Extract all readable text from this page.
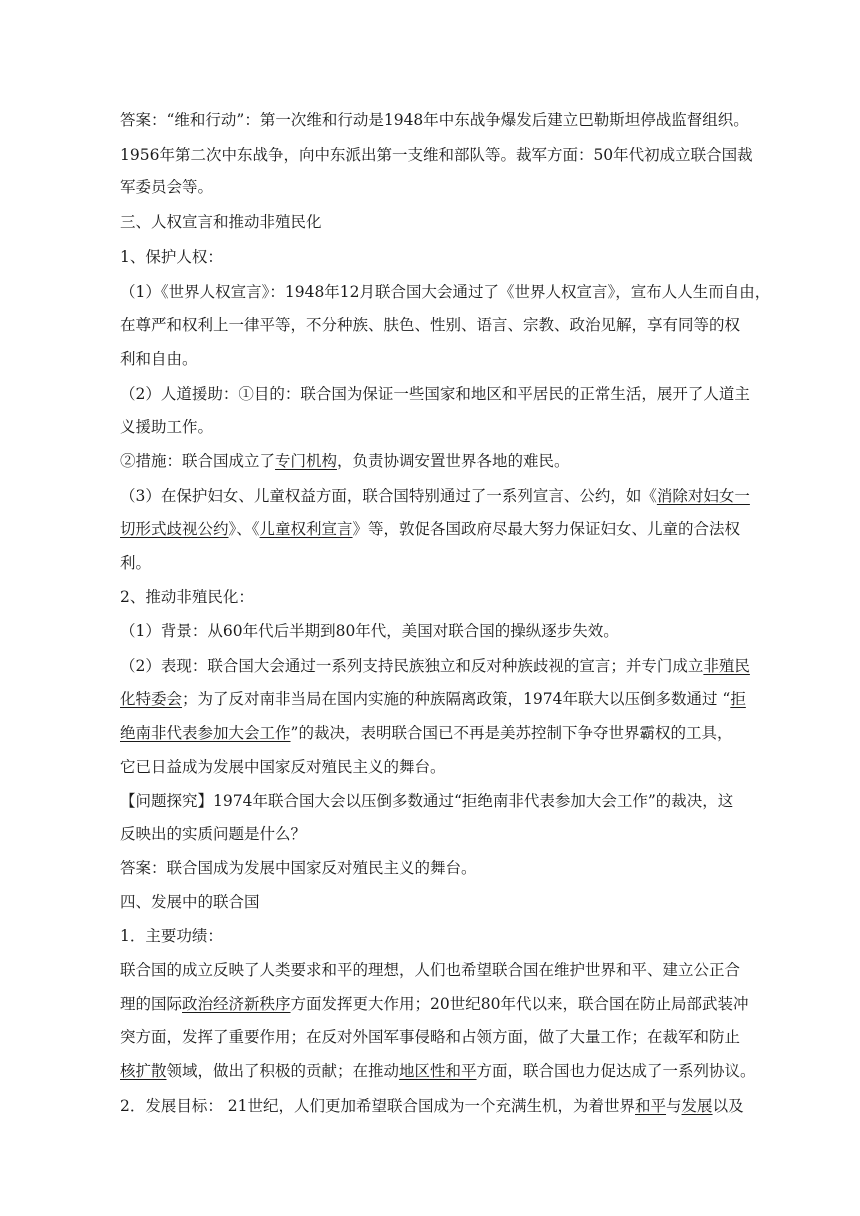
答案：“维和行动”：第一次维和行动是1948年中东战争爆发后建立巴勒斯坦停战监督组织。
1956年第二次中东战争，向中东派出第一支维和部队等。裁军方面：50年代初成立联合国裁
军委员会等。
三、人权宣言和推动非殖民化
1、保护人权：
（1）《世界人权宣言》：1948年12月联合国大会通过了《世界人权宣言》，宣布人人生而自由，
在尊严和权利上一律平等，不分种族、肤色、性别、语言、宗教、政治见解，享有同等的权
利和自由。
（2）人道援助：①目的：联合国为保证一些国家和地区和平居民的正常生活，展开了人道主
义援助工作。
②措施：联合国成立了专门机构，负责协调安置世界各地的难民。
（3）在保护妇女、儿童权益方面，联合国特别通过了一系列宣言、公约，如《消除对妇女一
切形式歧视公约》、《儿童权利宣言》等，敦促各国政府尽最大努力保证妇女、儿童的合法权
利。
2、推动非殖民化：
（1）背景：从60年代后半期到80年代，美国对联合国的操纵逐步失效。
（2）表现：联合国大会通过一系列支持民族独立和反对种族歧视的宣言；并专门成立非殖民
化特委会；为了反对南非当局在国内实施的种族隔离政策，1974年联大以压倒多数通过 “拒
绝南非代表参加大会工作”的裁决，表明联合国已不再是美苏控制下争夺世界霸权的工具，
它已日益成为发展中国家反对殖民主义的舞台。
【问题探究】1974年联合国大会以压倒多数通过“拒绝南非代表参加大会工作”的裁决，这
反映出的实质问题是什么？
答案：联合国成为发展中国家反对殖民主义的舞台。
四、发展中的联合国
1．主要功绩：
联合国的成立反映了人类要求和平的理想，人们也希望联合国在维护世界和平、建立公正合
理的国际政治经济新秩序方面发挥更大作用；20世纪80年代以来，联合国在防止局部武装冲
突方面，发挥了重要作用；在反对外国军事侵略和占领方面，做了大量工作；在裁军和防止
核扩散领域，做出了积极的贡献；在推动地区性和平方面，联合国也力促达成了一系列协议。
2．发展目标： 21世纪，人们更加希望联合国成为一个充满生机，为着世界和平与发展以及
